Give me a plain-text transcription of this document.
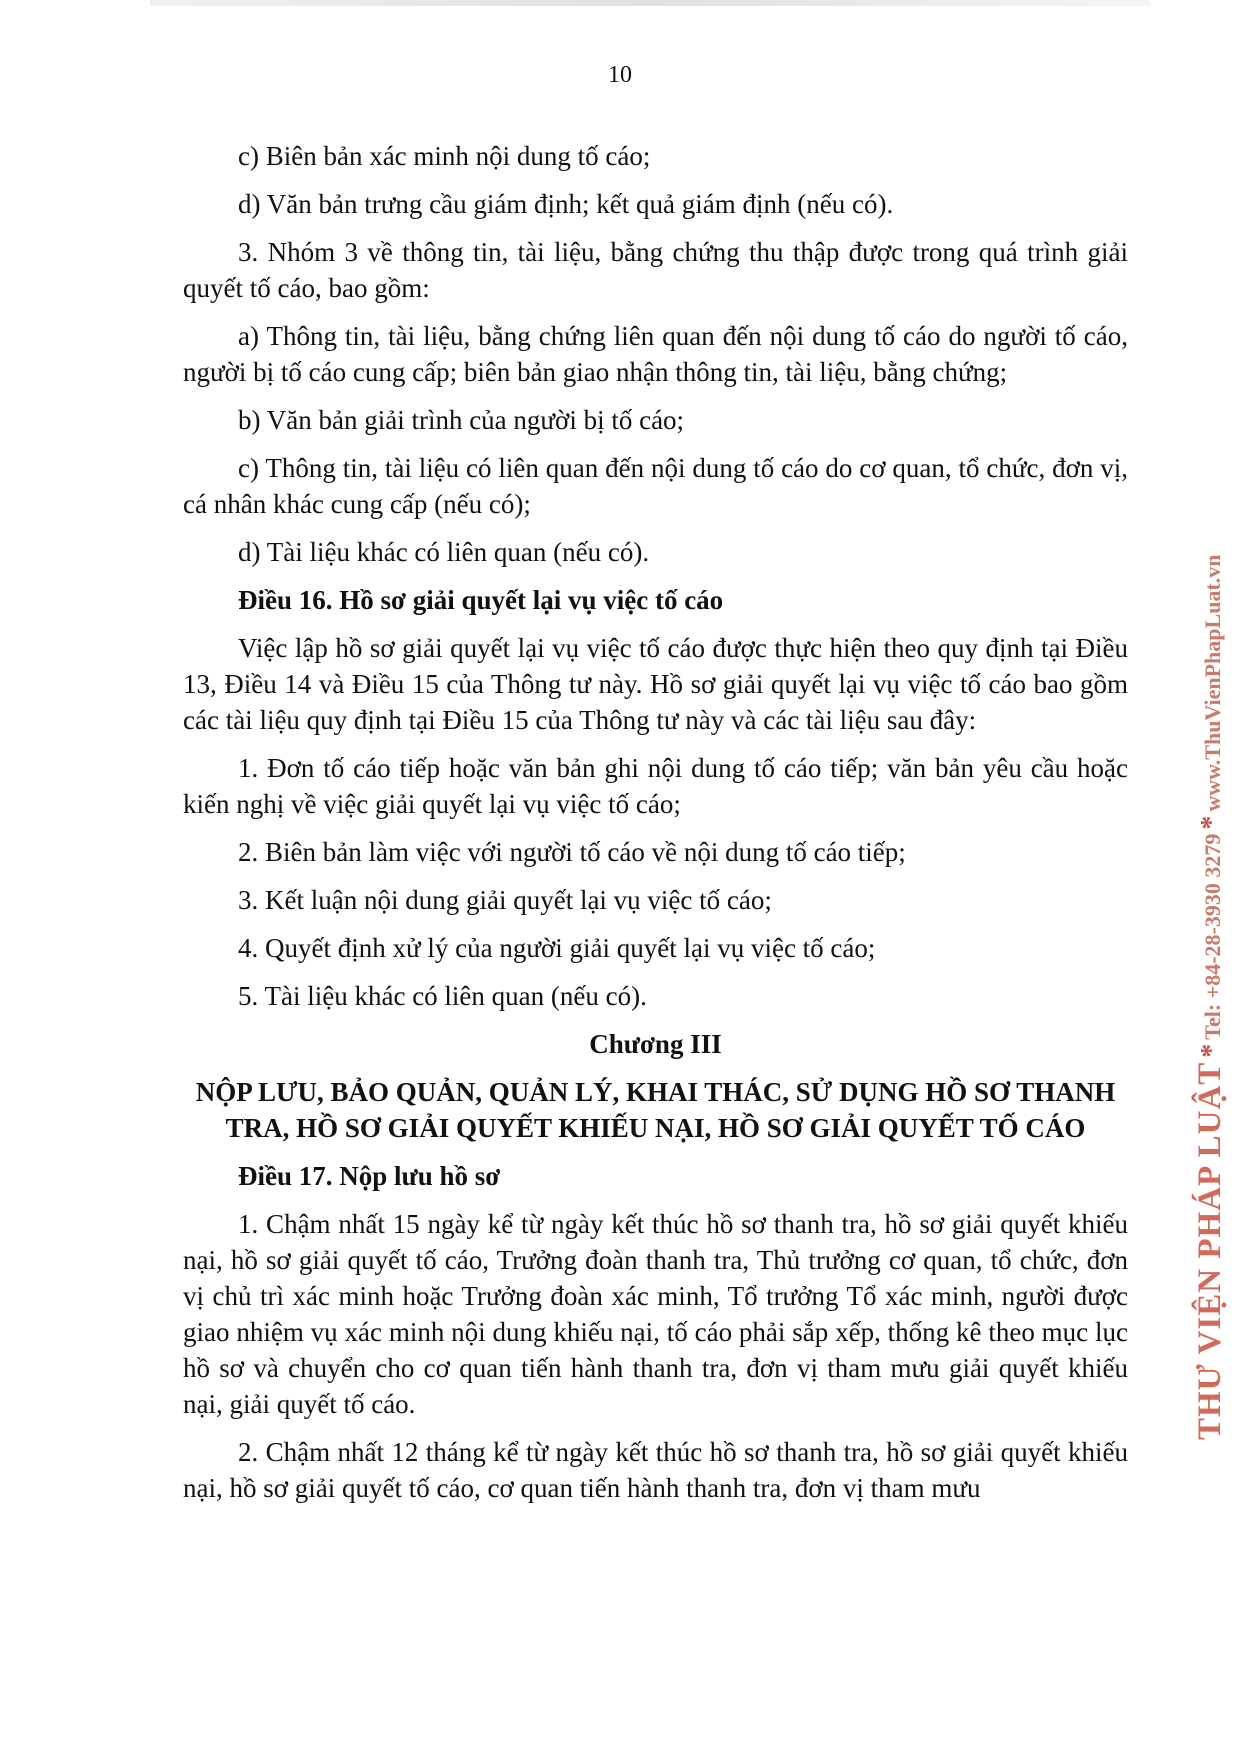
10

c) Biên bản xác minh nội dung tố cáo;

d) Văn bản trưng cầu giám định; kết quả giám định (nếu có).

3. Nhóm 3 về thông tin, tài liệu, bằng chứng thu thập được trong quá trình giải quyết tố cáo, bao gồm:

a) Thông tin, tài liệu, bằng chứng liên quan đến nội dung tố cáo do người tố cáo, người bị tố cáo cung cấp; biên bản giao nhận thông tin, tài liệu, bằng chứng;

b) Văn bản giải trình của người bị tố cáo;

c) Thông tin, tài liệu có liên quan đến nội dung tố cáo do cơ quan, tổ chức, đơn vị, cá nhân khác cung cấp (nếu có);

d) Tài liệu khác có liên quan (nếu có).

Điều 16. Hồ sơ giải quyết lại vụ việc tố cáo

Việc lập hồ sơ giải quyết lại vụ việc tố cáo được thực hiện theo quy định tại Điều 13, Điều 14 và Điều 15 của Thông tư này. Hồ sơ giải quyết lại vụ việc tố cáo bao gồm các tài liệu quy định tại Điều 15 của Thông tư này và các tài liệu sau đây:

1. Đơn tố cáo tiếp hoặc văn bản ghi nội dung tố cáo tiếp; văn bản yêu cầu hoặc kiến nghị về việc giải quyết lại vụ việc tố cáo;

2. Biên bản làm việc với người tố cáo về nội dung tố cáo tiếp;

3. Kết luận nội dung giải quyết lại vụ việc tố cáo;

4. Quyết định xử lý của người giải quyết lại vụ việc tố cáo;

5. Tài liệu khác có liên quan (nếu có).

Chương III

NỘP LƯU, BẢO QUẢN, QUẢN LÝ, KHAI THÁC, SỬ DỤNG HỒ SƠ THANH TRA, HỒ SƠ GIẢI QUYẾT KHIẾU NẠI, HỒ SƠ GIẢI QUYẾT TỐ CÁO

Điều 17. Nộp lưu hồ sơ

1. Chậm nhất 15 ngày kể từ ngày kết thúc hồ sơ thanh tra, hồ sơ giải quyết khiếu nại, hồ sơ giải quyết tố cáo, Trưởng đoàn thanh tra, Thủ trưởng cơ quan, tổ chức, đơn vị chủ trì xác minh hoặc Trưởng đoàn xác minh, Tổ trưởng Tổ xác minh, người được giao nhiệm vụ xác minh nội dung khiếu nại, tố cáo phải sắp xếp, thống kê theo mục lục hồ sơ và chuyển cho cơ quan tiến hành thanh tra, đơn vị tham mưu giải quyết khiếu nại, giải quyết tố cáo.

2. Chậm nhất 12 tháng kể từ ngày kết thúc hồ sơ thanh tra, hồ sơ giải quyết khiếu nại, hồ sơ giải quyết tố cáo, cơ quan tiến hành thanh tra, đơn vị tham mưu

THƯ VIỆN PHÁP LUẬT * Tel: +84-28-3930 3279 * www.ThuVienPhapLuat.vn
